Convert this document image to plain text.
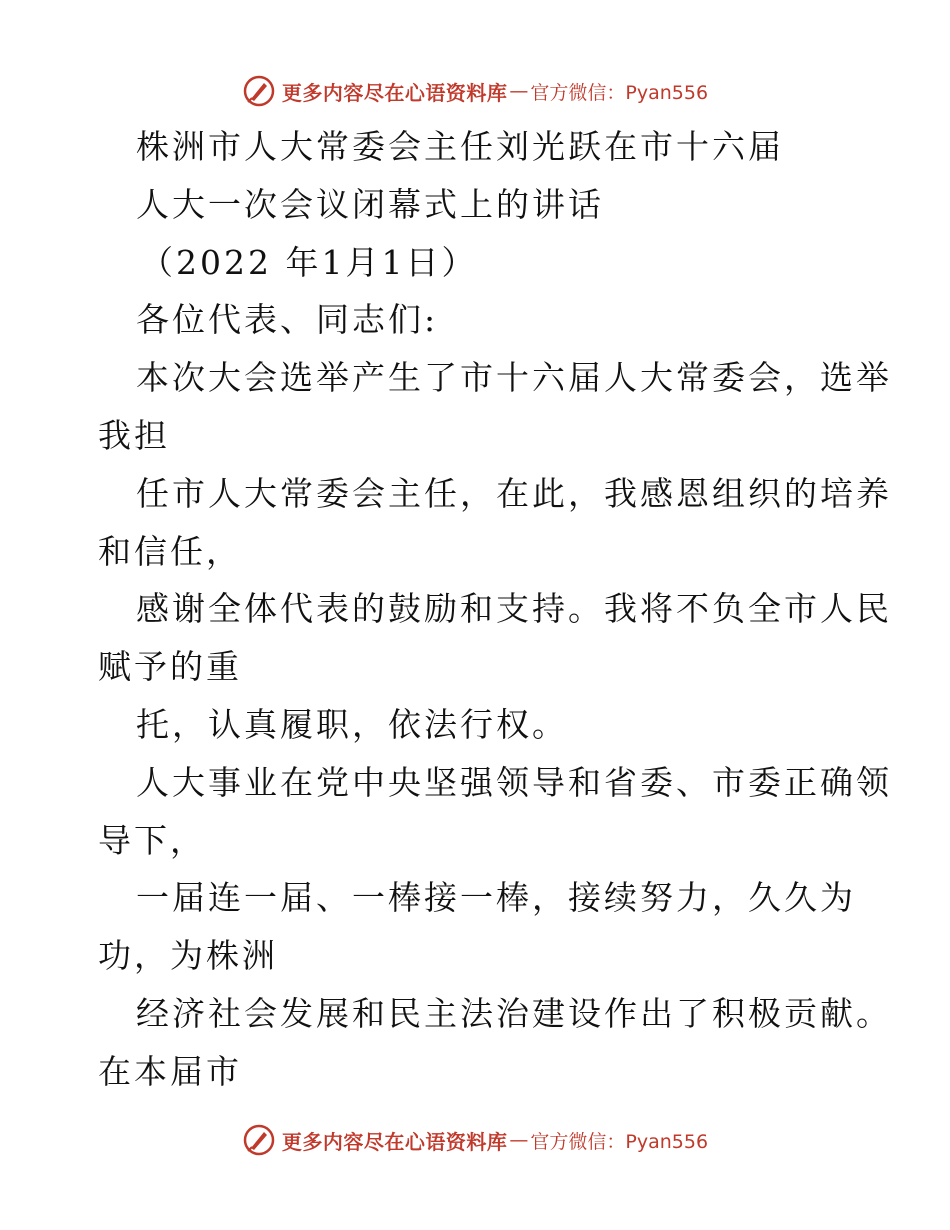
更多内容尽在心语资料库 — 官方微信：Pyan556
株洲市人大常委会主任刘光跃在市十六届
人大一次会议闭幕式上的讲话
（2022 年1月1日）
各位代表、同志们:
本次大会选举产生了市十六届人大常委会，选举
我担
任市人大常委会主任，在此，我感恩组织的培养
和信任，
感谢全体代表的鼓励和支持。我将不负全市人民
赋予的重
托，认真履职，依法行权。
人大事业在党中央坚强领导和省委、市委正确领
导下，
一届连一届、一棒接一棒，接续努力，久久为
功，为株洲
经济社会发展和民主法治建设作出了积极贡献。
在本届市
更多内容尽在心语资料库 — 官方微信：Pyan556
